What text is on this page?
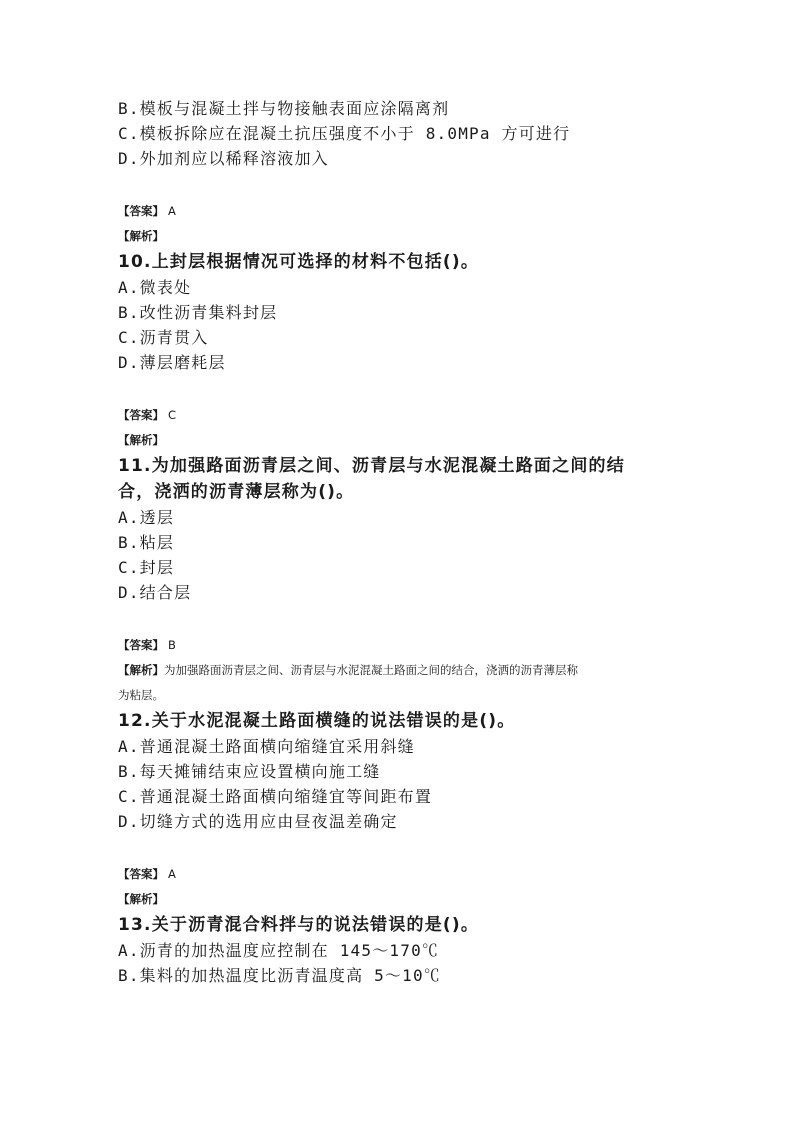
B.模板与混凝土拌与物接触表面应涂隔离剂
C.模板拆除应在混凝土抗压强度不小于 8.0MPa 方可进行
D.外加剂应以稀释溶液加入
【答案】 A
【解析】
10.上封层根据情况可选择的材料不包括()。
A.微表处
B.改性沥青集料封层
C.沥青贯入
D.薄层磨耗层
【答案】 C
【解析】
11.为加强路面沥青层之间、沥青层与水泥混凝土路面之间的结
合，浇洒的沥青薄层称为()。
A.透层
B.粘层
C.封层
D.结合层
【答案】 B
【解析】为加强路面沥青层之间、沥青层与水泥混凝土路面之间的结合，浇洒的沥青薄层称
为粘层。
12.关于水泥混凝土路面横缝的说法错误的是()。
A.普通混凝土路面横向缩缝宜采用斜缝
B.每天摊铺结束应设置横向施工缝
C.普通混凝土路面横向缩缝宜等间距布置
D.切缝方式的选用应由昼夜温差确定
【答案】 A
【解析】
13.关于沥青混合料拌与的说法错误的是()。
A.沥青的加热温度应控制在 145～170℃
B.集料的加热温度比沥青温度高 5～10℃
